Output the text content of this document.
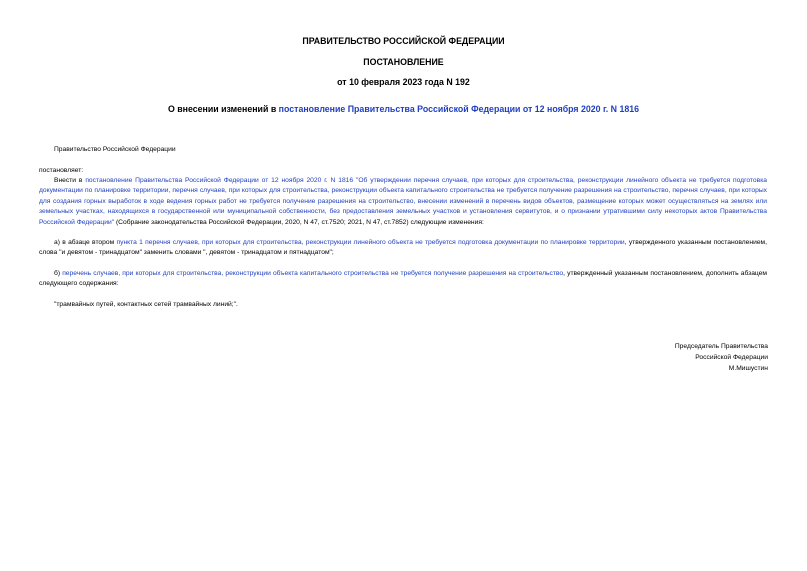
ПРАВИТЕЛЬСТВО РОССИЙСКОЙ ФЕДЕРАЦИИ
ПОСТАНОВЛЕНИЕ
от 10 февраля 2023 года N 192
О внесении изменений в постановление Правительства Российской Федерации от 12 ноября 2020 г. N 1816
Правительство Российской Федерации
постановляет:
Внести в постановление Правительства Российской Федерации от 12 ноября 2020 г. N 1816 "Об утверждении перечня случаев, при которых для строительства, реконструкции линейного объекта не требуется подготовка документации по планировке территории, перечня случаев, при которых для строительства, реконструкции объекта капитального строительства не требуется получение разрешения на строительство, перечня случаев, при которых для создания горных выработок в ходе ведения горных работ не требуется получение разрешения на строительство, внесении изменений в перечень видов объектов, размещение которых может осуществляться на землях или земельных участках, находящихся в государственной или муниципальной собственности, без предоставления земельных участков и установления сервитутов, и о признании утратившими силу некоторых актов Правительства Российской Федерации" (Собрание законодательства Российской Федерации, 2020, N 47, ст.7520; 2021, N 47, ст.7852) следующие изменения:
а) в абзаце втором пункта 1 перечня случаев, при которых для строительства, реконструкции линейного объекта не требуется подготовка документации по планировке территории, утвержденного указанным постановлением, слова "и девятом - тринадцатом" заменить словами ", девятом - тринадцатом и пятнадцатом";
б) перечень случаев, при которых для строительства, реконструкции объекта капитального строительства не требуется получение разрешения на строительство, утвержденный указанным постановлением, дополнить абзацем следующего содержания:
"трамвайных путей, контактных сетей трамвайных линий;".
Председатель Правительства
Российской Федерации
М.Мишустин
